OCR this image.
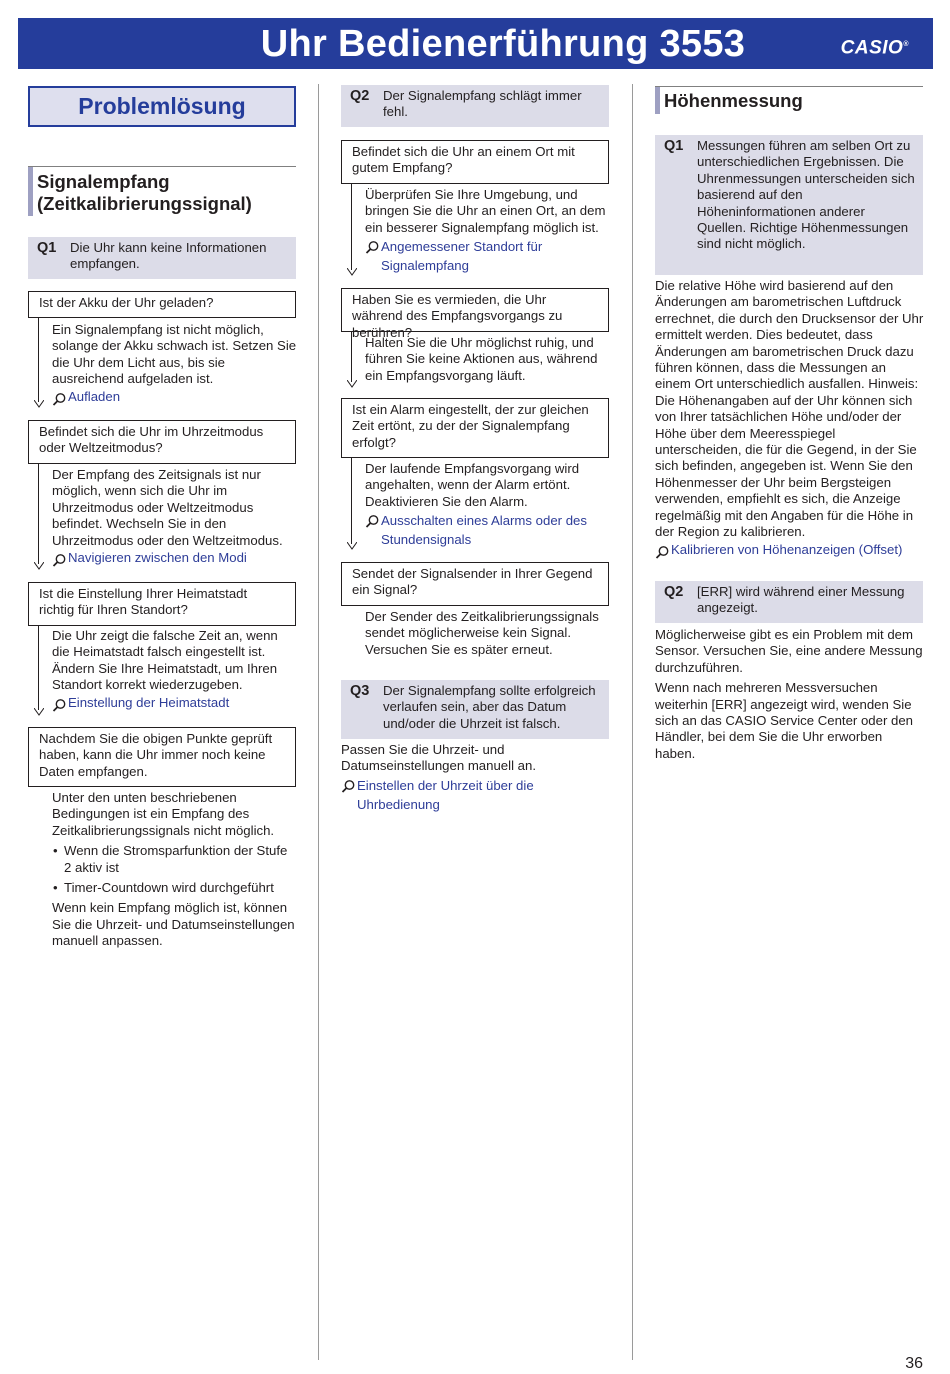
Uhr Bedienerführung 3553	CASIO®
Problemlösung
Signalempfang (Zeitkalibrierungssignal)
Q1 Die Uhr kann keine Informationen empfangen.
Ist der Akku der Uhr geladen?

Ein Signalempfang ist nicht möglich, solange der Akku schwach ist. Setzen Sie die Uhr dem Licht aus, bis sie ausreichend aufgeladen ist.

Aufladen
Befindet sich die Uhr im Uhrzeitmodus oder Weltzeitmodus?

Der Empfang des Zeitsignals ist nur möglich, wenn sich die Uhr im Uhrzeitmodus oder Weltzeitmodus befindet. Wechseln Sie in den Uhrzeitmodus oder den Weltzeitmodus.

Navigieren zwischen den Modi
Ist die Einstellung Ihrer Heimatstadt richtig für Ihren Standort?

Die Uhr zeigt die falsche Zeit an, wenn die Heimatstadt falsch eingestellt ist. Ändern Sie Ihre Heimatstadt, um Ihren Standort korrekt wiederzugeben.

Einstellung der Heimatstadt
Nachdem Sie die obigen Punkte geprüft haben, kann die Uhr immer noch keine Daten empfangen.

Unter den unten beschriebenen Bedingungen ist ein Empfang des Zeitkalibrierungssignals nicht möglich.

• Wenn die Stromsparfunktion der Stufe 2 aktiv ist
• Timer-Countdown wird durchgeführt

Wenn kein Empfang möglich ist, können Sie die Uhrzeit- und Datumseinstellungen manuell anpassen.

Q2 Der Signalempfang schlägt immer fehl.
Befindet sich die Uhr an einem Ort mit gutem Empfang?

Überprüfen Sie Ihre Umgebung, und bringen Sie die Uhr an einen Ort, an dem ein besserer Signalempfang möglich ist.

Angemessener Standort für Signalempfang
Haben Sie es vermieden, die Uhr während des Empfangsvorgangs zu berühren?

Halten Sie die Uhr möglichst ruhig, und führen Sie keine Aktionen aus, während ein Empfangsvorgang läuft.

Ist ein Alarm eingestellt, der zur gleichen Zeit ertönt, zu der der Signalempfang erfolgt?

Der laufende Empfangsvorgang wird angehalten, wenn der Alarm ertönt. Deaktivieren Sie den Alarm.

Ausschalten eines Alarms oder des Stundensignals
Sendet der Signalsender in Ihrer Gegend ein Signal?

Der Sender des Zeitkalibrierungssignals sendet möglicherweise kein Signal. Versuchen Sie es später erneut.

Q3 Der Signalempfang sollte erfolgreich verlaufen sein, aber das Datum und/oder die Uhrzeit ist falsch.

Passen Sie die Uhrzeit- und Datumseinstellungen manuell an.

Einstellen der Uhrzeit über die Uhrbedienung
Höhenmessung
Q1 Messungen führen am selben Ort zu unterschiedlichen Ergebnissen. Die Uhrenmessungen unterscheiden sich basierend auf den Höheninformationen anderer Quellen. Richtige Höhenmessungen sind nicht möglich.

Die relative Höhe wird basierend auf den Änderungen am barometrischen Luftdruck errechnet, die durch den Drucksensor der Uhr ermittelt werden. Dies bedeutet, dass Änderungen am barometrischen Druck dazu führen können, dass die Messungen an einem Ort unterschiedlich ausfallen. Hinweis: Die Höhenangaben auf der Uhr können sich von Ihrer tatsächlichen Höhe und/oder der Höhe über dem Meeresspiegel unterscheiden, die für die Gegend, in der Sie sich befinden, angegeben ist. Wenn Sie den Höhenmesser der Uhr beim Bergsteigen verwenden, empfiehlt es sich, die Anzeige regelmäßig mit den Angaben für die Höhe in der Region zu kalibrieren.

Kalibrieren von Höhenanzeigen (Offset)
Q2 [ERR] wird während einer Messung angezeigt.

Möglicherweise gibt es ein Problem mit dem Sensor. Versuchen Sie, eine andere Messung durchzuführen.

Wenn nach mehreren Messversuchen weiterhin [ERR] angezeigt wird, wenden Sie sich an das CASIO Service Center oder den Händler, bei dem Sie die Uhr erworben haben.

36
